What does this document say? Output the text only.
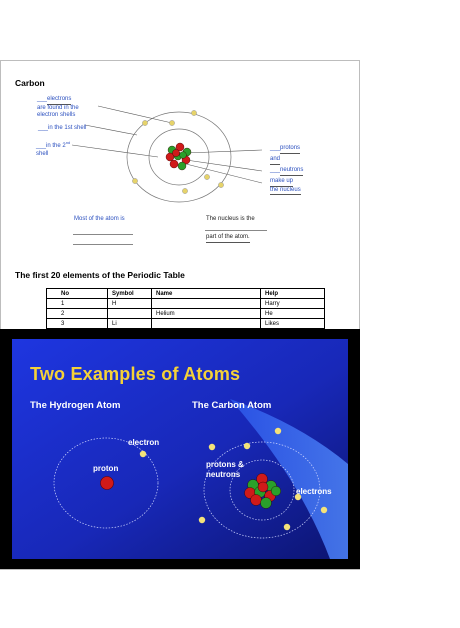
Carbon
___electrons
are found in the
electron shells
___in the 1st shell
___in the 2nd
shell
___protons
and
___neutrons
make up
the nucleus
Most of the atom is	The nucleus is the
part of the atom.
The first 20 elements of the Periodic Table
No	Symbol	Name	Help
1	H		Harry
2		Helium	He
3	Li		Likes
Two Examples of Atoms
The Hydrogen Atom	The Carbon Atom
electron
proton	protons &
neutrons
electrons
